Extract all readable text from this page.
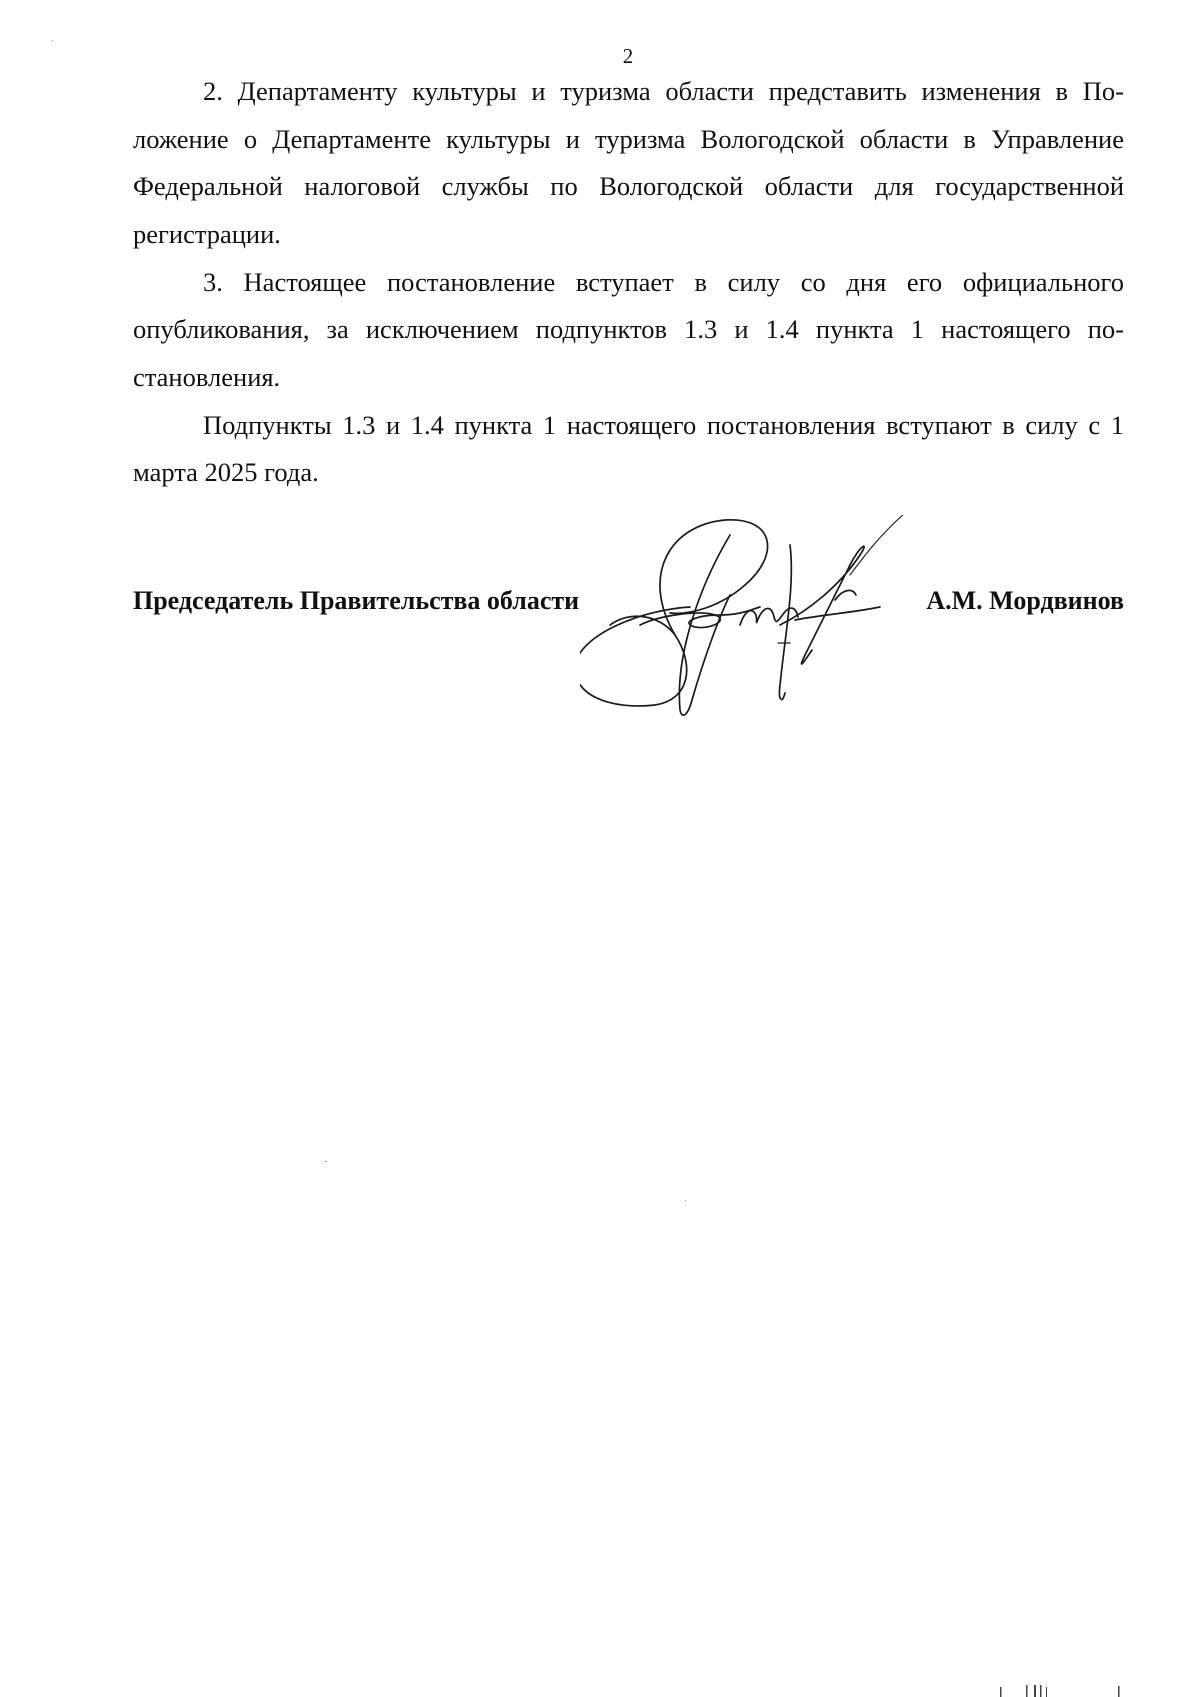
2

2. Департаменту культуры и туризма области представить изменения в Положение о Департаменте культуры и туризма Вологодской области в Управление Федеральной налоговой службы по Вологодской области для государственной регистрации.

3. Настоящее постановление вступает в силу со дня его официального опубликования, за исключением подпунктов 1.3 и 1.4 пункта 1 настоящего постановления.

Подпункты 1.3 и 1.4 пункта 1 настоящего постановления вступают в силу с 1 марта 2025 года.

Председатель Правительства области	А.М. Мордвинов
